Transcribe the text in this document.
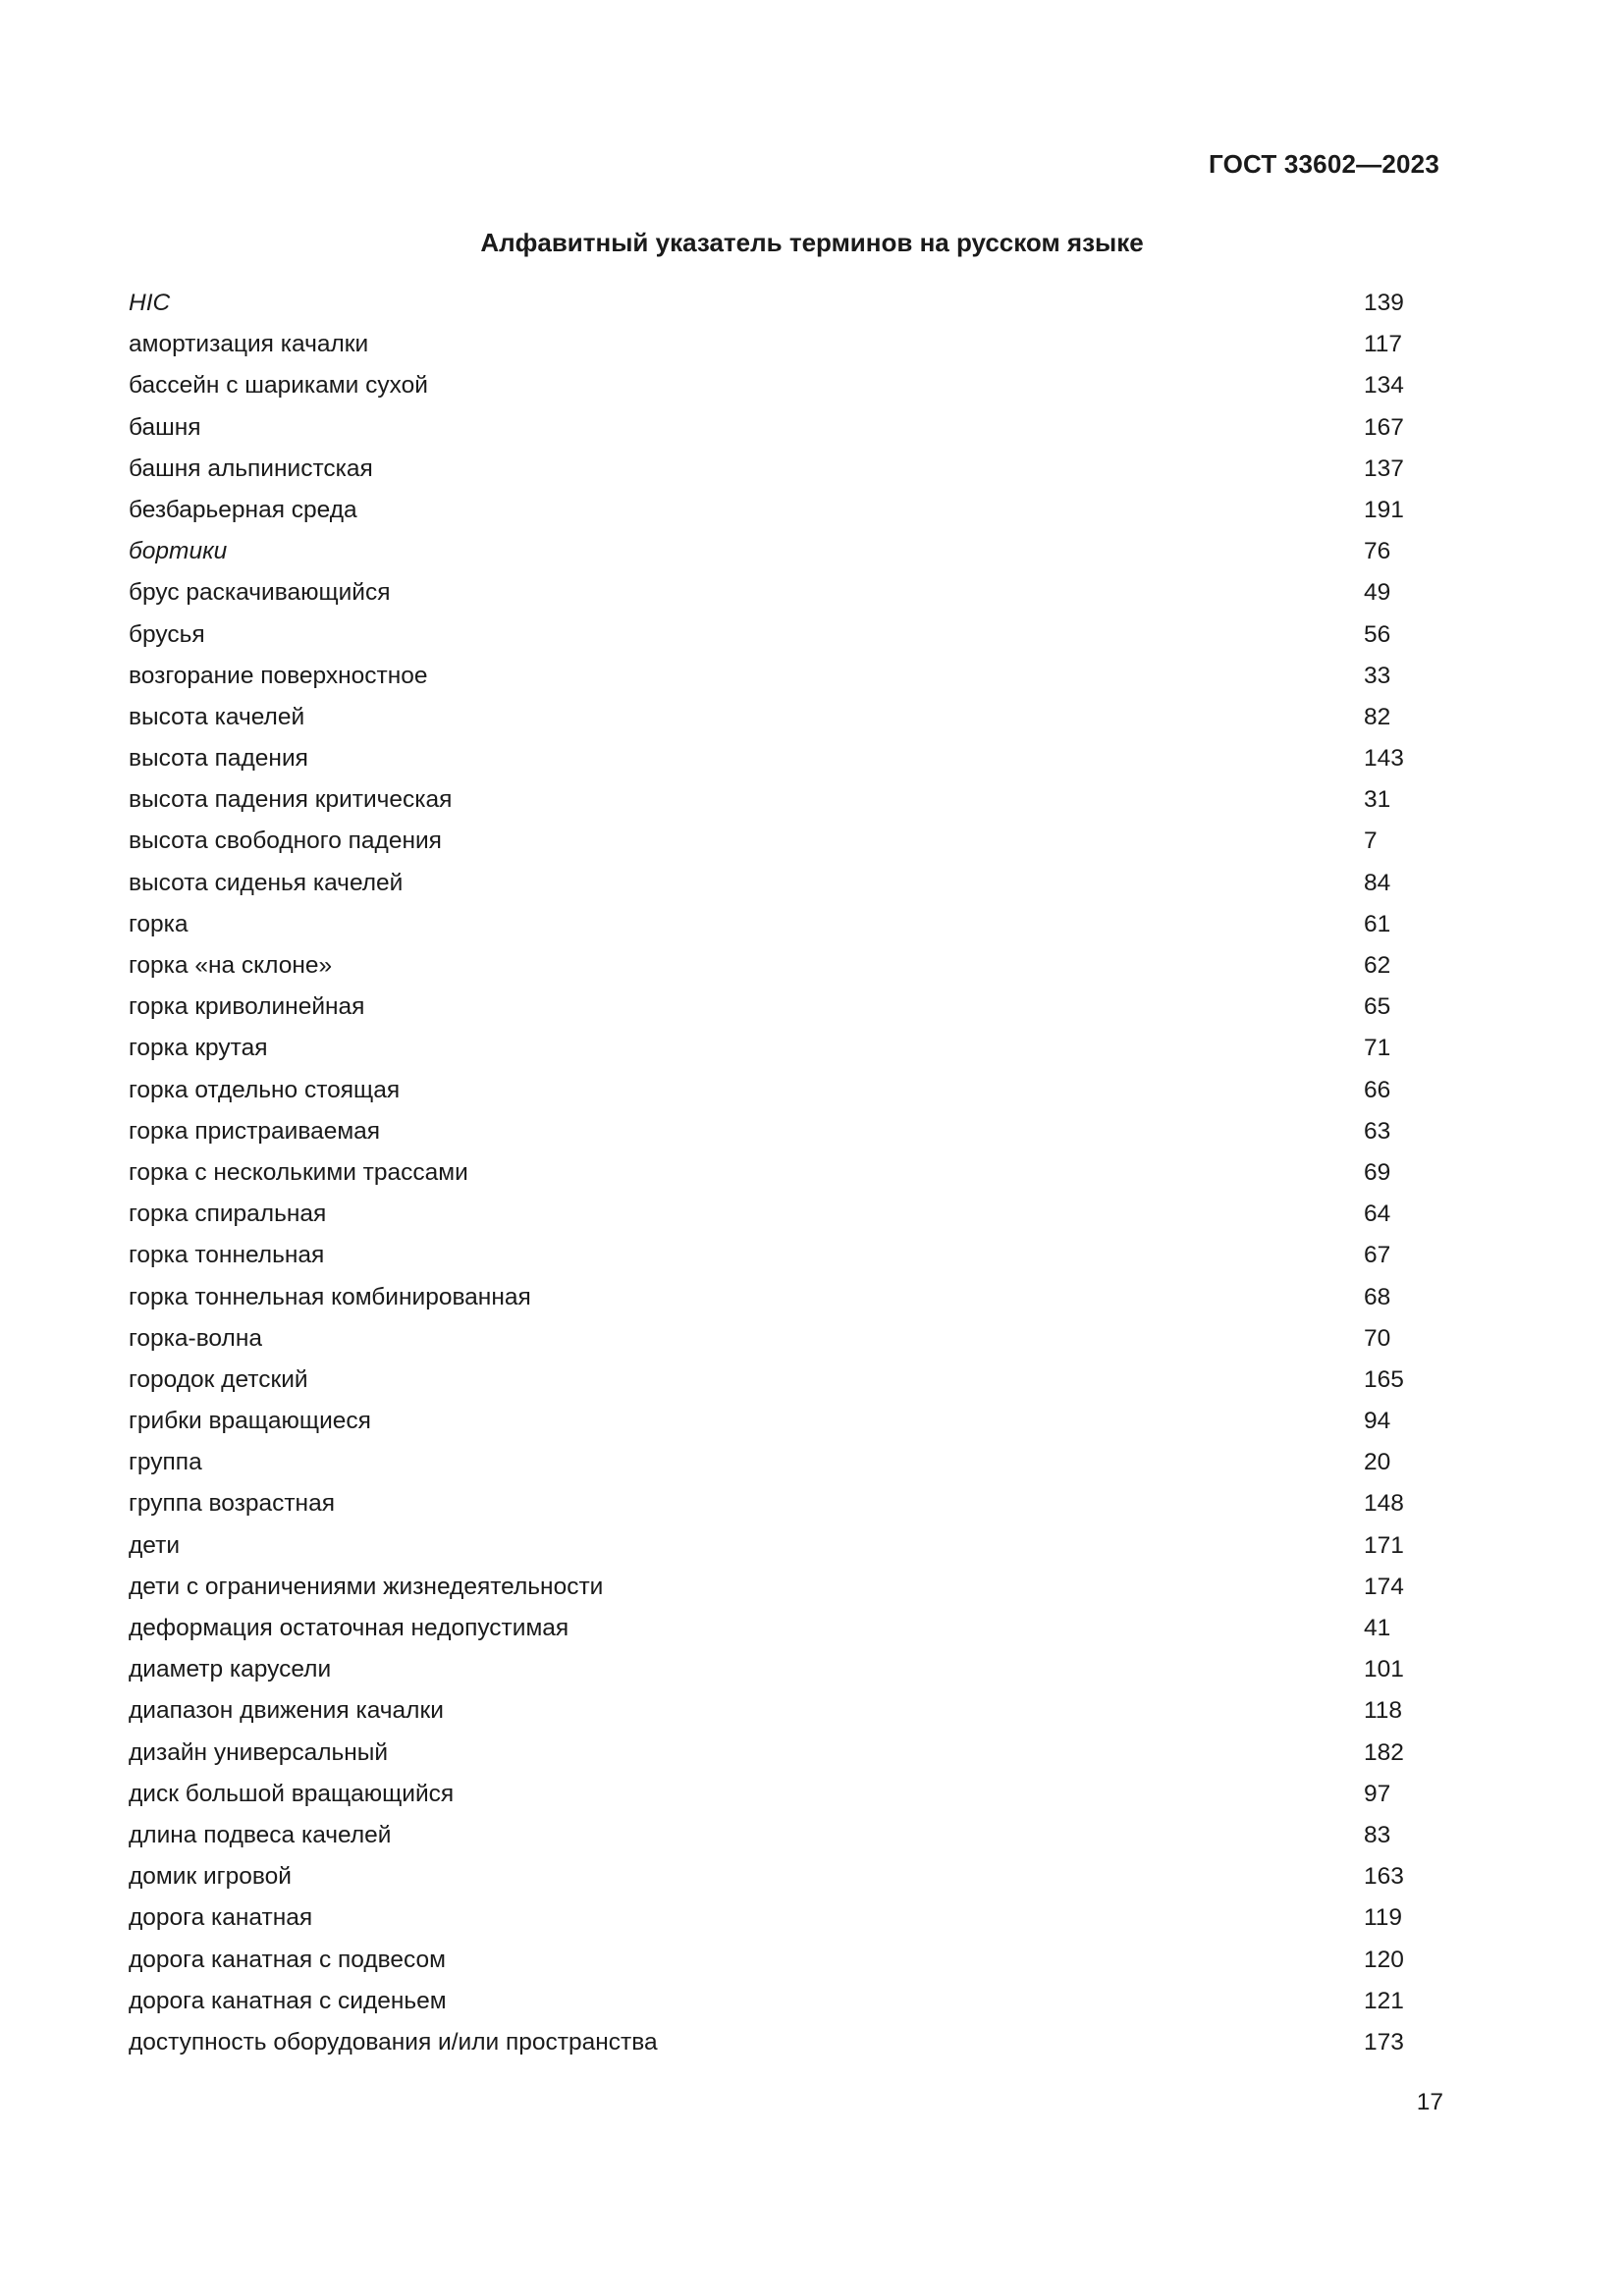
ГОСТ 33602—2023
Алфавитный указатель терминов на русском языке
HIC	139
амортизация качалки	117
бассейн с шариками сухой	134
башня	167
башня альпинистская	137
безбарьерная среда	191
бортики	76
брус раскачивающийся	49
брусья	56
возгорание поверхностное	33
высота качелей	82
высота падения	143
высота падения критическая	31
высота свободного падения	7
высота сиденья качелей	84
горка	61
горка «на склоне»	62
горка криволинейная	65
горка крутая	71
горка отдельно стоящая	66
горка пристраиваемая	63
горка с несколькими трассами	69
горка спиральная	64
горка тоннельная	67
горка тоннельная комбинированная	68
горка-волна	70
городок детский	165
грибки вращающиеся	94
группа	20
группа возрастная	148
дети	171
дети с ограничениями жизнедеятельности	174
деформация остаточная недопустимая	41
диаметр карусели	101
диапазон движения качалки	118
дизайн универсальный	182
диск большой вращающийся	97
длина подвеса качелей	83
домик игровой	163
дорога канатная	119
дорога канатная с подвесом	120
дорога канатная с сиденьем	121
доступность оборудования и/или пространства	173
17
